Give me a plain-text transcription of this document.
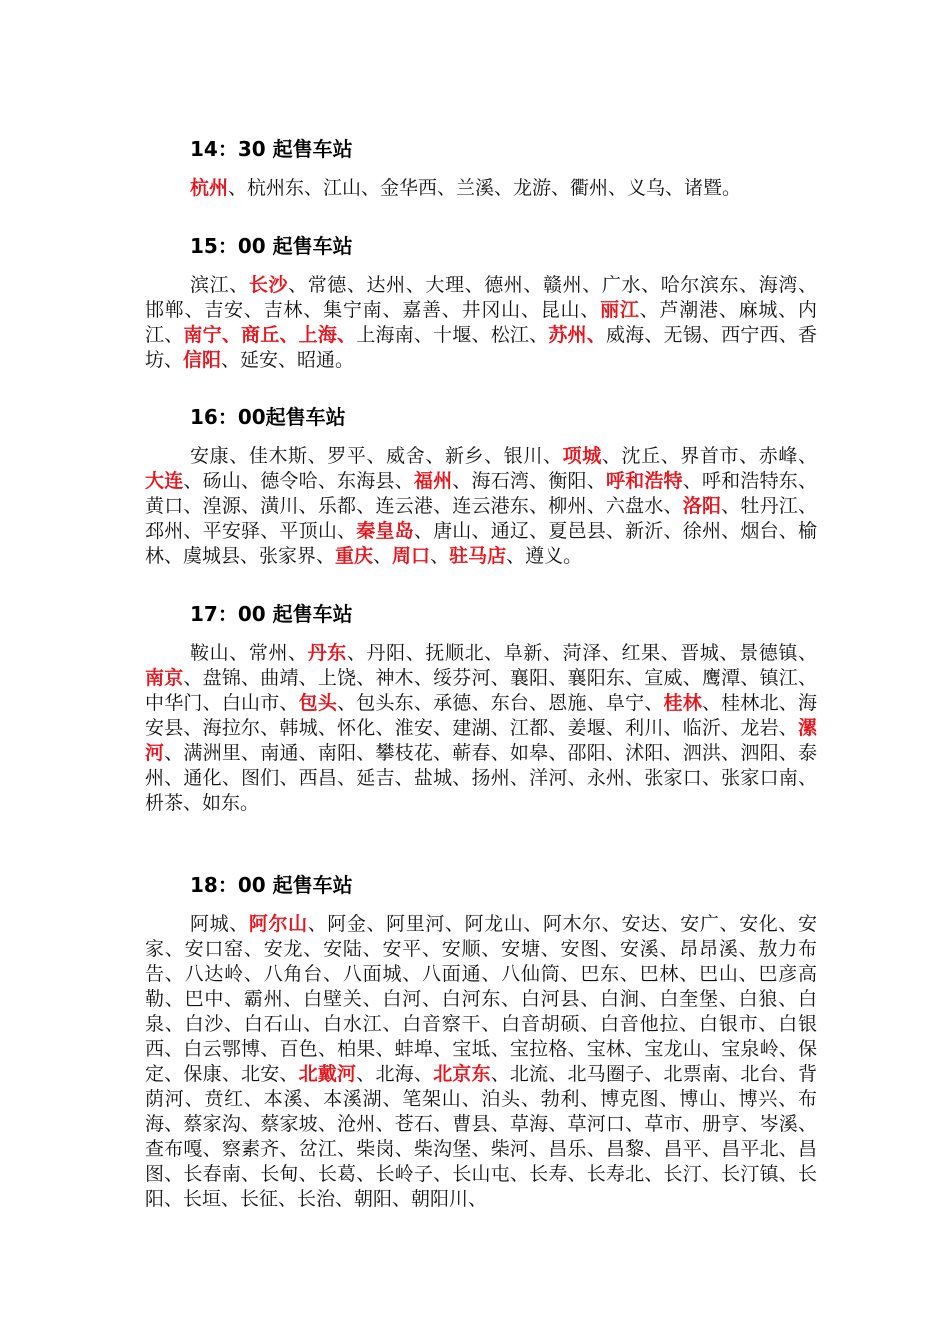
14：30 起售车站

杭州、杭州东、江山、金华西、兰溪、龙游、衢州、义乌、诸暨。

15：00 起售车站

滨江、长沙、常德、达州、大理、德州、赣州、广水、哈尔滨东、海湾、邯郸、吉安、吉林、集宁南、嘉善、井冈山、昆山、丽江、芦潮港、麻城、内江、南宁、商丘、上海、上海南、十堰、松江、苏州、威海、无锡、西宁西、香坊、信阳、延安、昭通。

16：00起售车站

安康、佳木斯、罗平、威舍、新乡、银川、项城、沈丘、界首市、赤峰、大连、砀山、德令哈、东海县、福州、海石湾、衡阳、呼和浩特、呼和浩特东、黄口、湟源、潢川、乐都、连云港、连云港东、柳州、六盘水、洛阳、牡丹江、邳州、平安驿、平顶山、秦皇岛、唐山、通辽、夏邑县、新沂、徐州、烟台、榆林、虞城县、张家界、重庆、周口、驻马店、遵义。

17：00 起售车站

鞍山、常州、丹东、丹阳、抚顺北、阜新、菏泽、红果、晋城、景德镇、南京、盘锦、曲靖、上饶、神木、绥芬河、襄阳、襄阳东、宣威、鹰潭、镇江、中华门、白山市、包头、包头东、承德、东台、恩施、阜宁、桂林、桂林北、海安县、海拉尔、韩城、怀化、淮安、建湖、江都、姜堰、利川、临沂、龙岩、漯河、满洲里、南通、南阳、攀枝花、蕲春、如皋、邵阳、沭阳、泗洪、泗阳、泰州、通化、图们、西昌、延吉、盐城、扬州、洋河、永州、张家口、张家口南、枡茶、如东。

18：00 起售车站

阿城、阿尔山、阿金、阿里河、阿龙山、阿木尔、安达、安广、安化、安家、安口窑、安龙、安陆、安平、安顺、安塘、安图、安溪、昂昂溪、敖力布告、八达岭、八角台、八面城、八面通、八仙筒、巴东、巴林、巴山、巴彦高勒、巴中、霸州、白壁关、白河、白河东、白河县、白涧、白奎堡、白狼、白泉、白沙、白石山、白水江、白音察干、白音胡硕、白音他拉、白银市、白银西、白云鄂博、百色、柏果、蚌埠、宝坻、宝拉格、宝林、宝龙山、宝泉岭、保定、保康、北安、北戴河、北海、北京东、北流、北马圈子、北票南、北台、背荫河、贲红、本溪、本溪湖、笔架山、泊头、勃利、博克图、博山、博兴、布海、蔡家沟、蔡家坡、沧州、苍石、曹县、草海、草河口、草市、册亨、岑溪、查布嘎、察素齐、岔江、柴岗、柴沟堡、柴河、昌乐、昌黎、昌平、昌平北、昌图、长春南、长甸、长葛、长岭子、长山屯、长寿、长寿北、长汀、长汀镇、长阳、长垣、长征、长治、朝阳、朝阳川、
